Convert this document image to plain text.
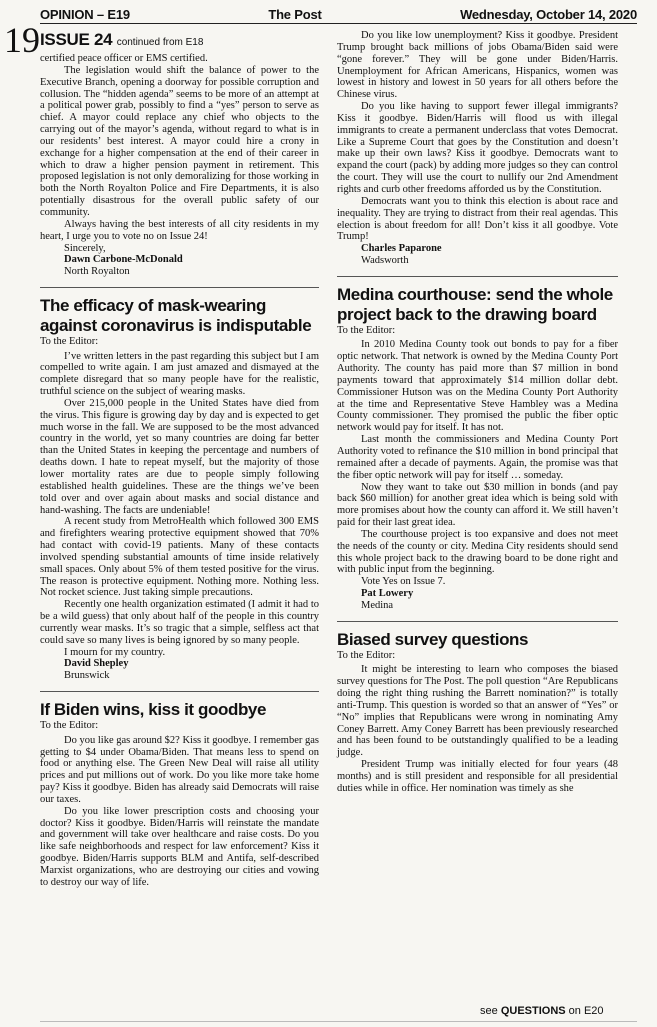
OPINION – E19	The Post	Wednesday, October 14, 2020
19 ISSUE 24 continued from E18

certified peace officer or EMS certified.

The legislation would shift the balance of power to the Executive Branch, opening a doorway for possible corruption and collusion. The “hidden agenda” seems to be more of an attempt at a political power grab, possibly to find a “yes” person to serve as chief. A mayor could replace any chief who objects to the carrying out of the mayor’s agenda, without regard to what is in our residents’ best interest. A mayor could hire a crony in exchange for a higher compensation at the end of their career in which to draw a higher pension payment in retirement. This proposed legislation is not only demoralizing for those working in both the North Royalton Police and Fire Departments, it is also potentially disastrous for the overall public safety of our community.

Always having the best interests of all city residents in my heart, I urge you to vote no on Issue 24!

Sincerely,
Dawn Carbone-McDonald
North Royalton
The efficacy of mask-wearing against coronavirus is indisputable
To the Editor:

I’ve written letters in the past regarding this subject but I am compelled to write again. I am just amazed and dismayed at the complete disregard that so many people have for the realistic, truthful science on the subject of wearing masks.

Over 215,000 people in the United States have died from the virus. This figure is growing day by day and is expected to get much worse in the fall. We are supposed to be the most advanced country in the world, yet so many countries are doing far better than the United States in keeping the percentage and numbers of deaths down. I hate to repeat myself, but the majority of those lower mortality rates are due to people simply following established health guidelines. These are the things we’ve been told over and over again about masks and social distance and hand-washing. The facts are undeniable!

A recent study from MetroHealth which followed 300 EMS and firefighters wearing protective equipment showed that 70% had contact with covid-19 patients. Many of these contacts involved spending substantial amounts of time inside relatively small spaces. Only about 5% of them tested positive for the virus. The reason is protective equipment. Nothing more. Nothing less. Not rocket science. Just taking simple precautions.

Recently one health organization estimated (I admit it had to be a wild guess) that only about half of the people in this country currently wear masks. It’s so tragic that a simple, selfless act that could save so many lives is being ignored by so many people.

I mourn for my country.
David Shepley
Brunswick
If Biden wins, kiss it goodbye
To the Editor:

Do you like gas around $2? Kiss it goodbye. I remember gas getting to $4 under Obama/Biden. That means less to spend on food or anything else. The Green New Deal will raise all utility prices and put millions out of work. Do you like more take home pay? Kiss it goodbye. Biden has already said Democrats will raise our taxes.

Do you like lower prescription costs and choosing your doctor? Kiss it goodbye. Biden/Harris will reinstate the mandate and government will take over healthcare and raise costs. Do you like safe neighborhoods and respect for law enforcement? Kiss it goodbye. Biden/Harris supports BLM and Antifa, self-described Marxist organizations, who are destroying our cities and vowing to destroy our way of life.

Do you like low unemployment? Kiss it goodbye. President Trump brought back millions of jobs Obama/Biden said were “gone forever.” They will be gone under Biden/Harris. Unemployment for African Americans, Hispanics, women was lowest in history and lowest in 50 years for all others before the Chinese virus.

Do you like having to support fewer illegal immigrants? Kiss it goodbye. Biden/Harris will flood us with illegal immigrants to create a permanent underclass that votes Democrat. Like a Supreme Court that goes by the Constitution and doesn’t make up their own laws? Kiss it goodbye. Democrats want to expand the court (pack) by adding more judges so they can control the court. They will use the court to nullify our 2nd Amendment rights and curb other freedoms afforded us by the Constitution.

Democrats want you to think this election is about race and inequality. They are trying to distract from their real agendas. This election is about freedom for all! Don’t kiss it all goodbye. Vote Trump!

Charles Paparone
Wadsworth
Medina courthouse: send the whole project back to the drawing board
To the Editor:

In 2010 Medina County took out bonds to pay for a fiber optic network. That network is owned by the Medina County Port Authority. The county has paid more than $7 million in bond payments toward that approximately $14 million dollar debt. Commissioner Hutson was on the Medina County Port Authority at the time and Representative Steve Hambley was a Medina County commissioner. They promised the public the fiber optic network would pay for itself. It has not.

Last month the commissioners and Medina County Port Authority voted to refinance the $10 million in bond principal that remained after a decade of payments. Again, the promise was that the fiber optic network will pay for itself … someday.

Now they want to take out $30 million in bonds (and pay back $60 million) for another great idea which is being sold with more promises about how the county can afford it. We still haven’t paid for their last great idea.

The courthouse project is too expansive and does not meet the needs of the county or city. Medina City residents should send this whole project back to the drawing board to be done right and with public input from the beginning.

Vote Yes on Issue 7.
Pat Lowery
Medina
Biased survey questions
To the Editor:

It might be interesting to learn who composes the biased survey questions for The Post. The poll question “Are Republicans doing the right thing rushing the Barrett nomination?” is totally anti-Trump. This question is worded so that an answer of “Yes” or “No” implies that Republicans were wrong in nominating Amy Coney Barrett. Amy Coney Barrett has been previously researched and has been found to be outstandingly qualified to be a leading judge.

President Trump was initially elected for four years (48 months) and is still president and responsible for all presidential duties while in office. Her nomination was timely as she

see QUESTIONS on E20
